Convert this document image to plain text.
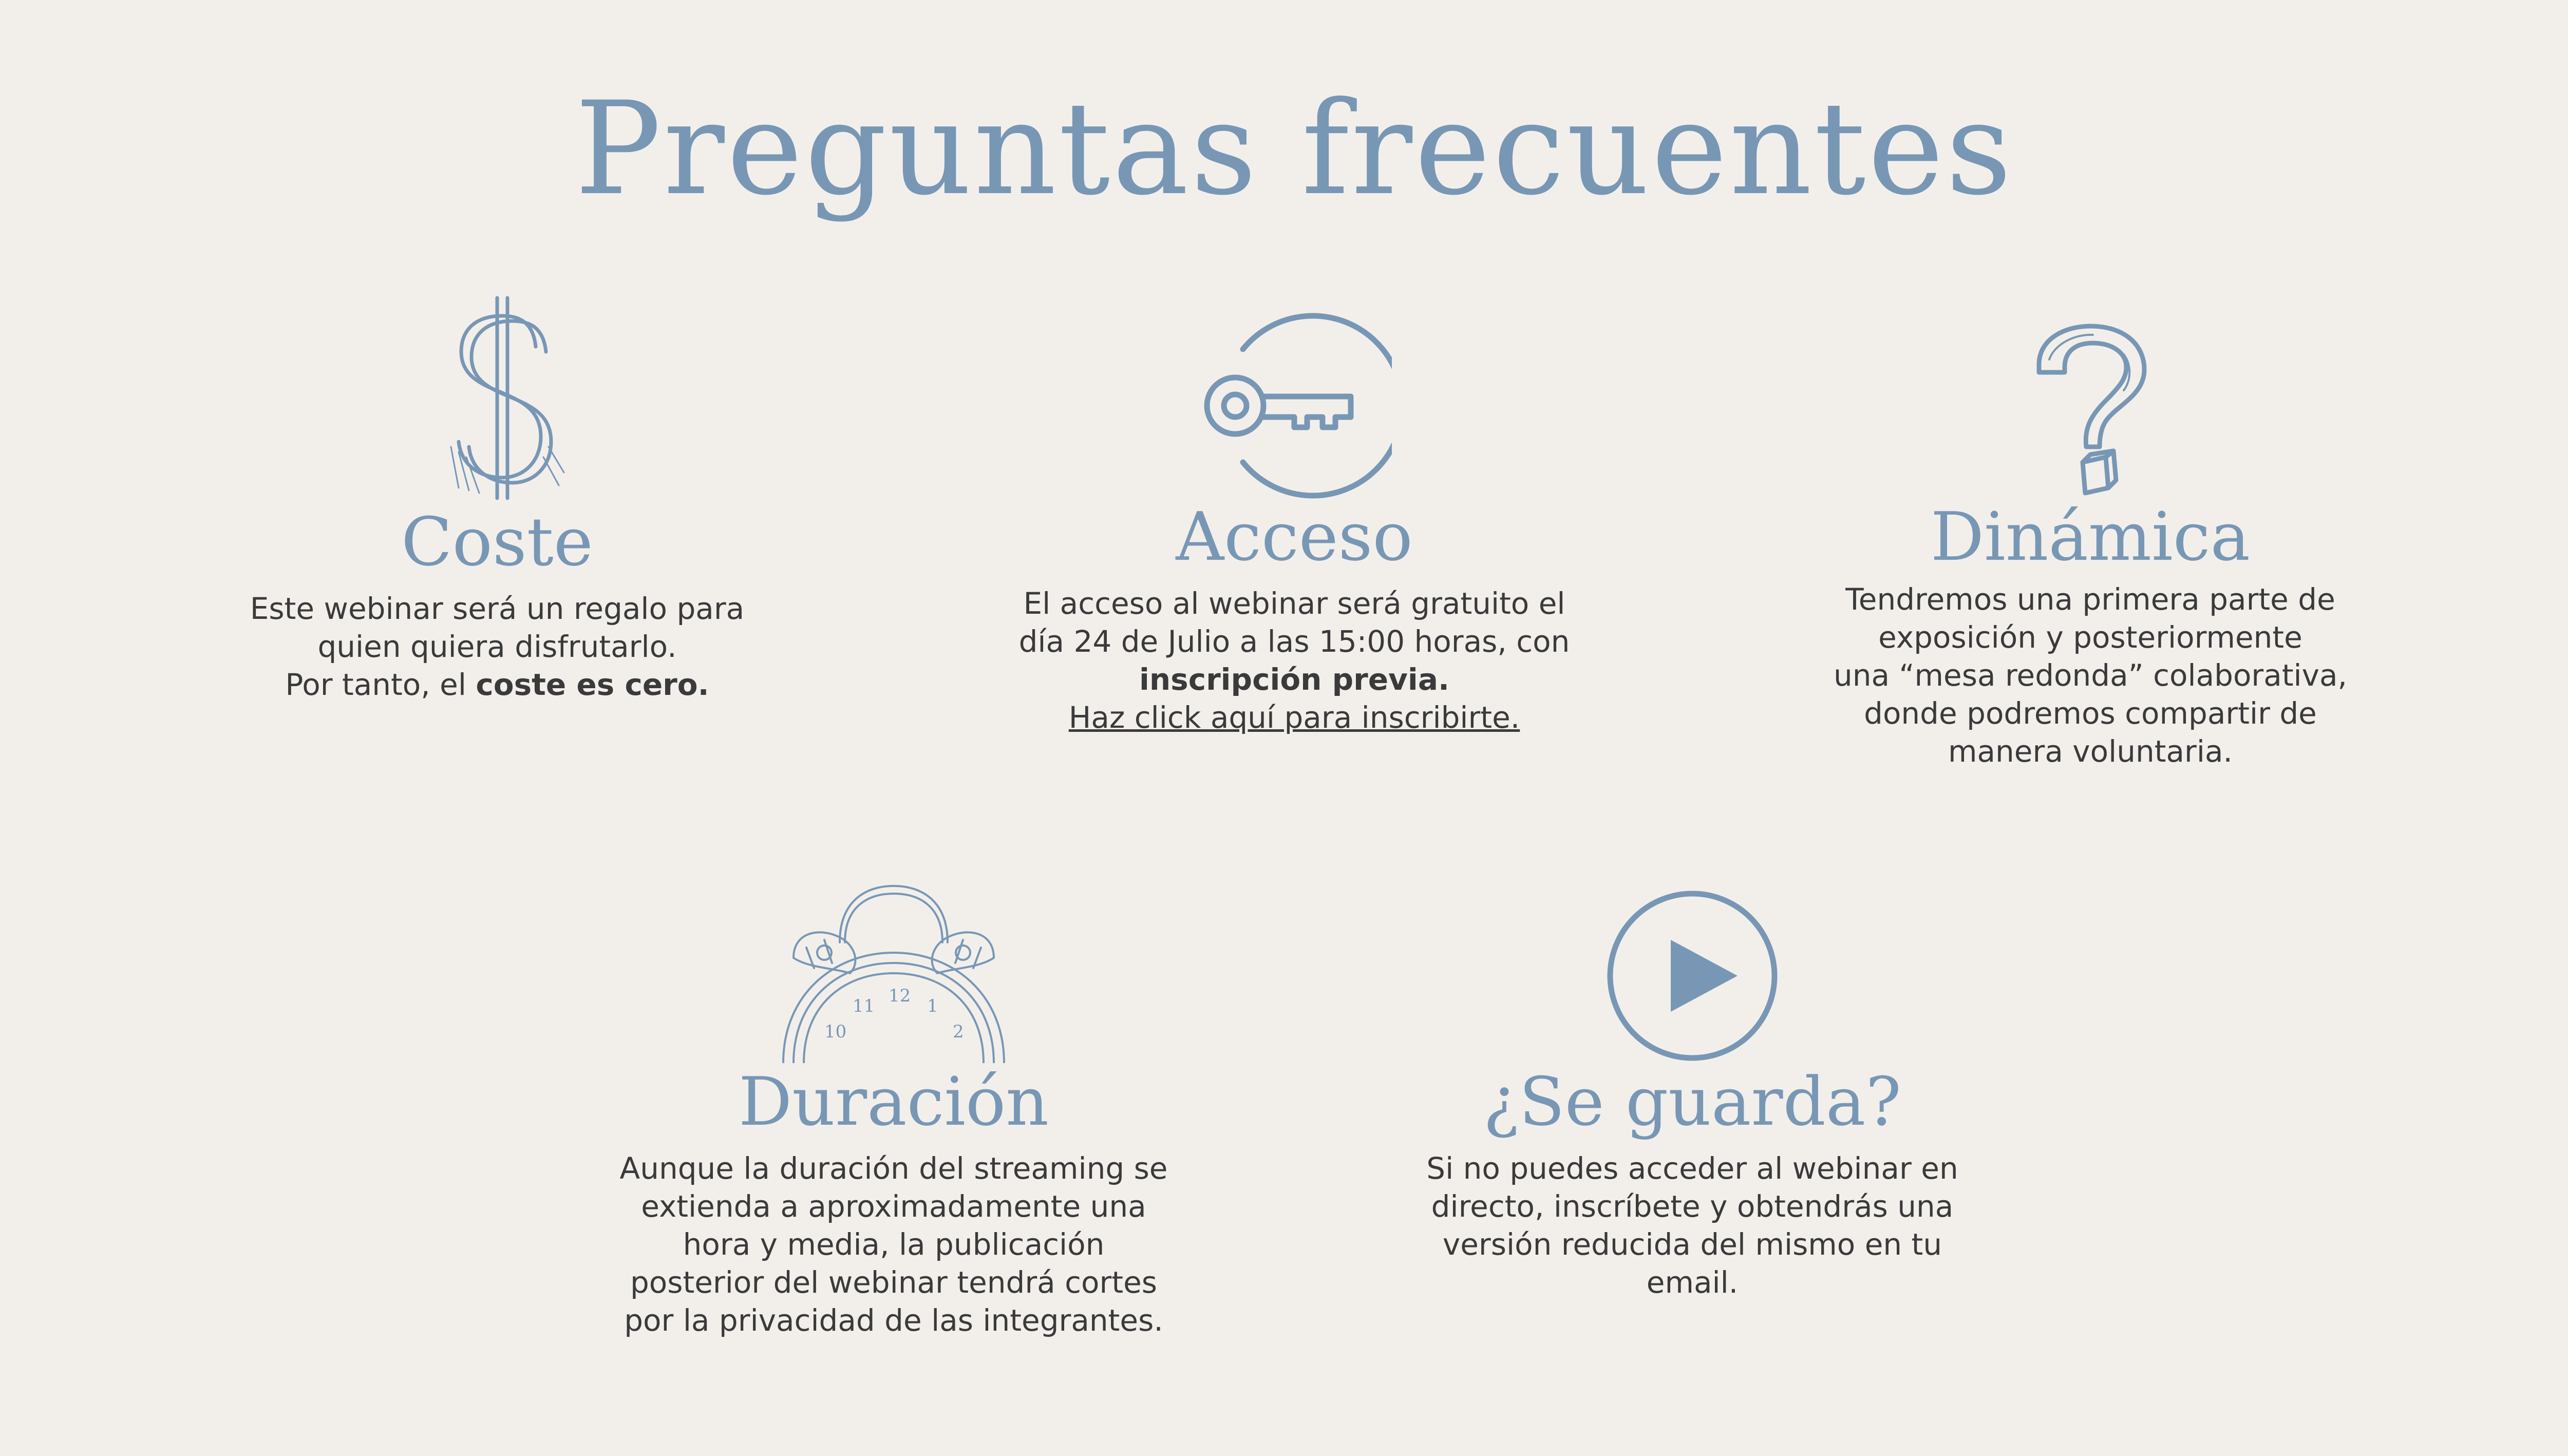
Preguntas frecuentes
Coste
Este webinar será un regalo para
quien quiera disfrutarlo.
Por tanto, el coste es cero.
Acceso
El acceso al webinar será gratuito el
día 24 de Julio a las 15:00 horas, con
inscripción previa.
Haz click aquí para inscribirte.
Dinámica
Tendremos una primera parte de
exposición y posteriormente
una “mesa redonda” colaborativa,
donde podremos compartir de
manera voluntaria.
12
11	1
10	2
Duración
Aunque la duración del streaming se
extienda a aproximadamente una
hora y media, la publicación
posterior del webinar tendrá cortes
por la privacidad de las integrantes.
¿Se guarda?
Si no puedes acceder al webinar en
directo, inscríbete y obtendrás una
versión reducida del mismo en tu
email.
